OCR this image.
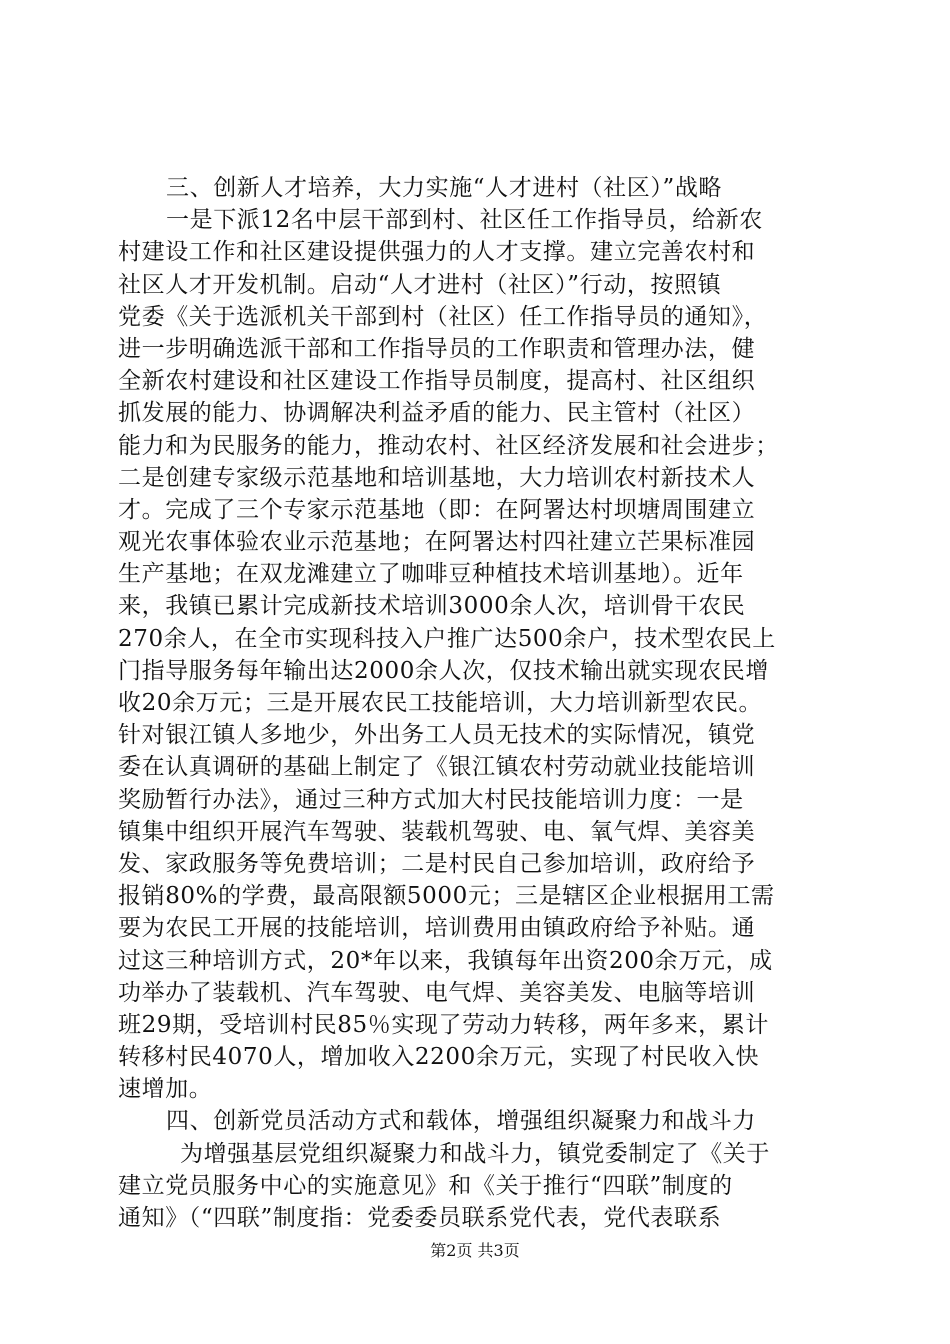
三、创新人才培养，大力实施“人才进村（社区）”战略
一是下派12名中层干部到村、社区任工作指导员，给新农
村建设工作和社区建设提供强力的人才支撑。建立完善农村和
社区人才开发机制。启动“人才进村（社区）”行动，按照镇
党委《关于选派机关干部到村（社区）任工作指导员的通知》，
进一步明确选派干部和工作指导员的工作职责和管理办法，健
全新农村建设和社区建设工作指导员制度，提高村、社区组织
抓发展的能力、协调解决利益矛盾的能力、民主管村（社区）
能力和为民服务的能力，推动农村、社区经济发展和社会进步；
二是创建专家级示范基地和培训基地，大力培训农村新技术人
才。完成了三个专家示范基地（即：在阿署达村坝塘周围建立
观光农事体验农业示范基地；在阿署达村四社建立芒果标准园
生产基地；在双龙滩建立了咖啡豆种植技术培训基地）。近年
来，我镇已累计完成新技术培训3000余人次，培训骨干农民
270余人，在全市实现科技入户推广达500余户，技术型农民上
门指导服务每年输出达2000余人次，仅技术输出就实现农民增
收20余万元；三是开展农民工技能培训，大力培训新型农民。
针对银江镇人多地少，外出务工人员无技术的实际情况，镇党
委在认真调研的基础上制定了《银江镇农村劳动就业技能培训
奖励暂行办法》，通过三种方式加大村民技能培训力度：一是
镇集中组织开展汽车驾驶、装载机驾驶、电、氧气焊、美容美
发、家政服务等免费培训；二是村民自己参加培训，政府给予
报销80%的学费，最高限额5000元；三是辖区企业根据用工需
要为农民工开展的技能培训，培训费用由镇政府给予补贴。通
过这三种培训方式，20*年以来，我镇每年出资200余万元，成
功举办了装载机、汽车驾驶、电气焊、美容美发、电脑等培训
班29期，受培训村民85％实现了劳动力转移，两年多来，累计
转移村民4070人，增加收入2200余万元，实现了村民收入快
速增加。
四、创新党员活动方式和载体，增强组织凝聚力和战斗力
为增强基层党组织凝聚力和战斗力，镇党委制定了《关于
建立党员服务中心的实施意见》和《关于推行“四联”制度的
通知》（“四联”制度指：党委委员联系党代表，党代表联系
第2页 共3页
